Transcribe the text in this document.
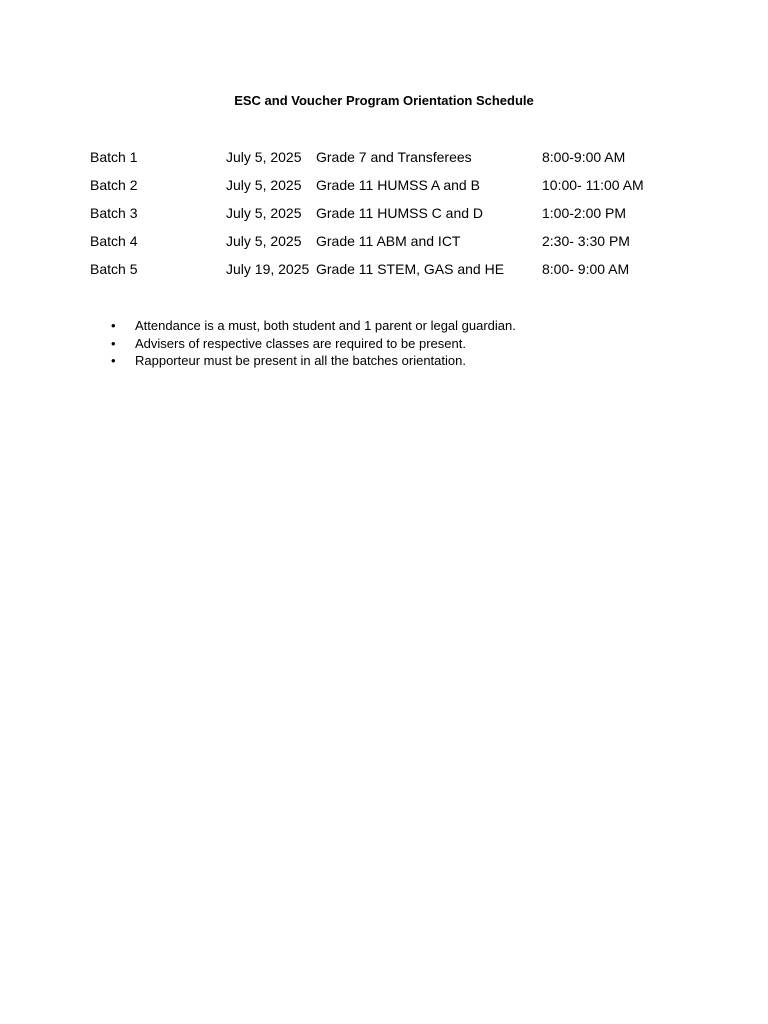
ESC and Voucher Program Orientation Schedule
Batch 1	July 5, 2025 Grade 7 and Transferees	8:00-9:00 AM
Batch 2	July 5, 2025 Grade 11 HUMSS A and B	10:00- 11:00 AM
Batch 3	July 5, 2025 Grade 11 HUMSS C and D	1:00-2:00 PM
Batch 4	July 5, 2025 Grade 11 ABM and ICT	2:30- 3:30 PM
Batch 5	July 19, 2025 Grade 11 STEM, GAS and HE	8:00- 9:00 AM
• Attendance is a must, both student and 1 parent or legal guardian.
• Advisers of respective classes are required to be present.
• Rapporteur must be present in all the batches orientation.
